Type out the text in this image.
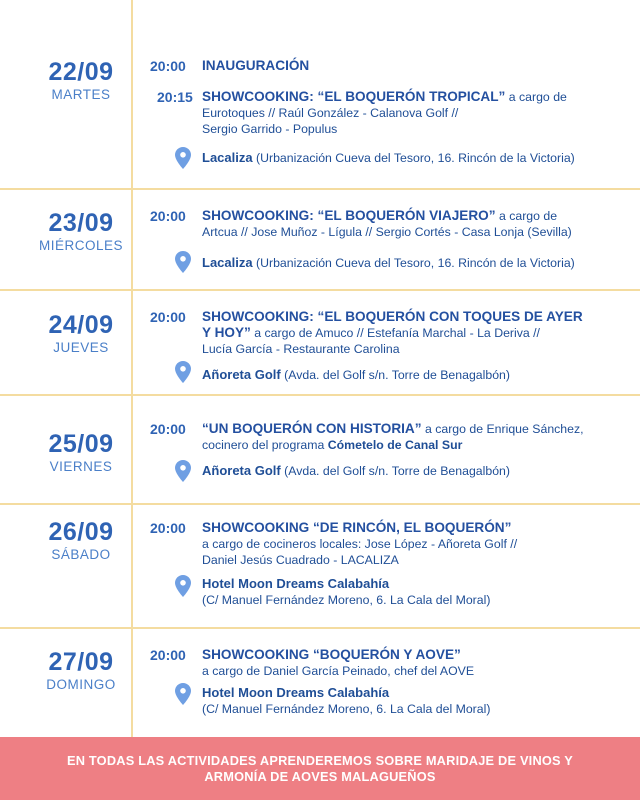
22/09
MARTES
20:00 INAUGURACIÓN
20:15 SHOWCOOKING: “EL BOQUERÓN TROPICAL” a cargo de
Eurotoques // Raúl González - Calanova Golf //
Sergio Garrido - Populus
Lacaliza (Urbanización Cueva del Tesoro, 16. Rincón de la Victoria)
23/09
MIÉRCOLES
20:00 SHOWCOOKING: “EL BOQUERÓN VIAJERO” a cargo de
Artcua // Jose Muñoz - Lígula // Sergio Cortés - Casa Lonja (Sevilla)
Lacaliza (Urbanización Cueva del Tesoro, 16. Rincón de la Victoria)
24/09
JUEVES
20:00 SHOWCOOKING: “EL BOQUERÓN CON TOQUES DE AYER
Y HOY” a cargo de Amuco // Estefanía Marchal - La Deriva //
Lucía García - Restaurante Carolina
Añoreta Golf (Avda. del Golf s/n. Torre de Benagalbón)
25/09
VIERNES
20:00 “UN BOQUERÓN CON HISTORIA” a cargo de Enrique Sánchez,
cocinero del programa Cómetelo de Canal Sur
Añoreta Golf (Avda. del Golf s/n. Torre de Benagalbón)
26/09
SÁBADO
20:00 SHOWCOOKING “DE RINCÓN, EL BOQUERÓN”
a cargo de cocineros locales: Jose López - Añoreta Golf //
Daniel Jesús Cuadrado - LACALIZA
Hotel Moon Dreams Calabahía
(C/ Manuel Fernández Moreno, 6. La Cala del Moral)
27/09
DOMINGO
20:00 SHOWCOOKING “BOQUERÓN Y AOVE”
a cargo de Daniel García Peinado, chef del AOVE
Hotel Moon Dreams Calabahía
(C/ Manuel Fernández Moreno, 6. La Cala del Moral)
EN TODAS LAS ACTIVIDADES APRENDEREMOS SOBRE MARIDAJE DE VINOS Y
ARMONÍA DE AOVES MALAGUEÑOS
